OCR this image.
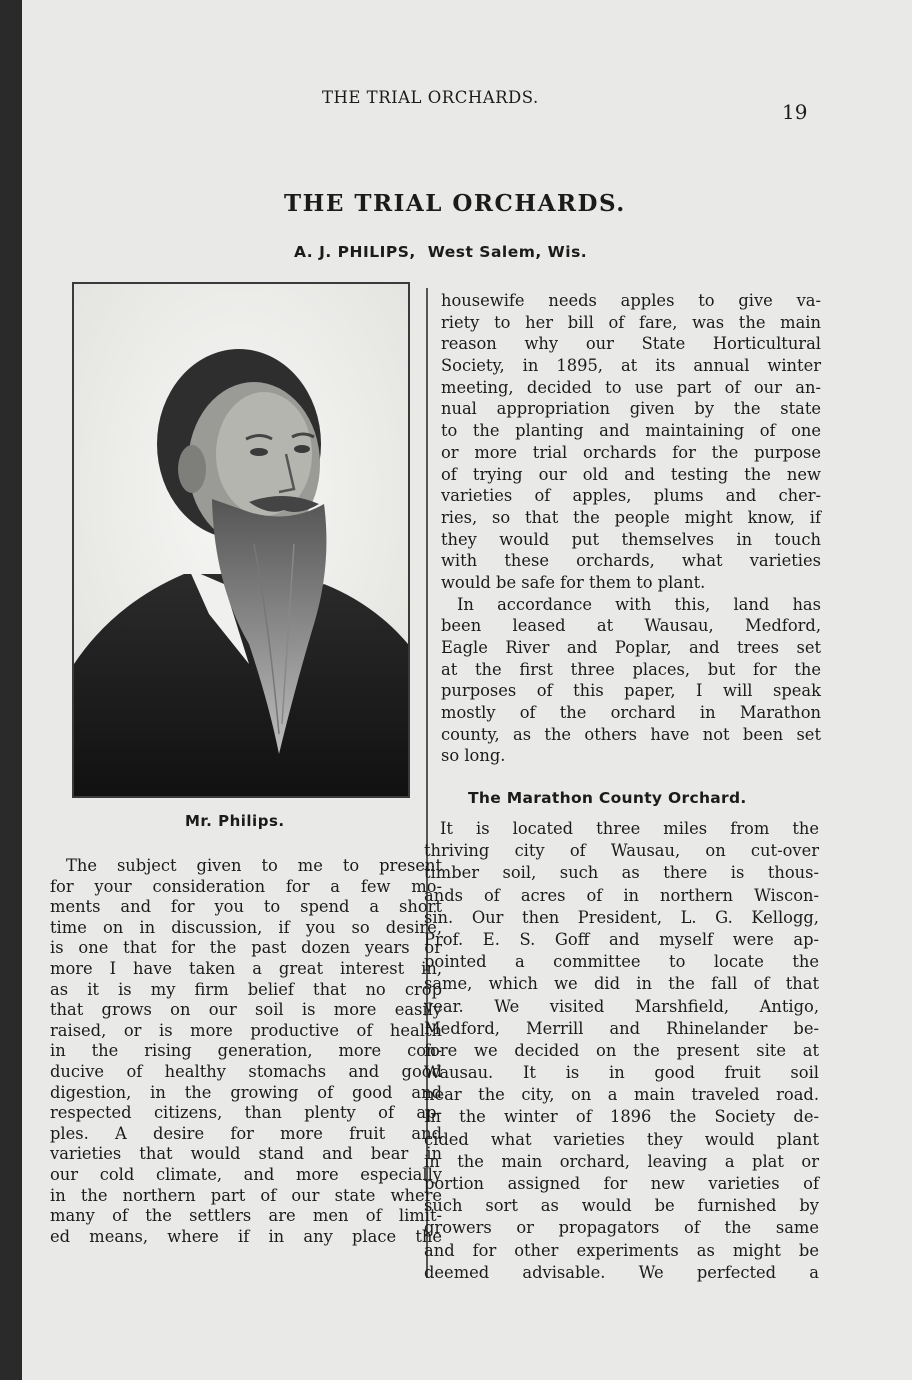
THE TRIAL ORCHARDS.
19
THE TRIAL ORCHARDS.
A. J. PHILIPS, West Salem, Wis.
Mr. Philips.
housewife needs apples to give va-
riety to her bill of fare, was the main
reason why our State Horticultural
Society, in 1895, at its annual winter
meeting, decided to use part of our an-
nual appropriation given by the state
to the planting and maintaining of one
or more trial orchards for the purpose
of trying our old and testing the new
varieties of apples, plums and cher-
ries, so that the people might know, if
they would put themselves in touch
with these orchards, what varieties
would be safe for them to plant.
In accordance with this, land has
been leased at Wausau, Medford,
Eagle River and Poplar, and trees set
at the first three places, but for the
purposes of this paper, I will speak
mostly of the orchard in Marathon
county, as the others have not been set
so long.
The Marathon County Orchard.
It is located three miles from the
thriving city of Wausau, on cut-over
timber soil, such as there is thous-
ands of acres of in northern Wiscon-
sin. Our then President, L. G. Kellogg,
Prof. E. S. Goff and myself were ap-
pointed a committee to locate the
same, which we did in the fall of that
year. We visited Marshfield, Antigo,
Medford, Merrill and Rhinelander be-
fore we decided on the present site at
Wausau. It is in good fruit soil
near the city, on a main traveled road.
In the winter of 1896 the Society de-
cided what varieties they would plant
in the main orchard, leaving a plat or
portion assigned for new varieties of
such sort as would be furnished by
growers or propagators of the same
and for other experiments as might be
deemed advisable. We perfected a
The subject given to me to present
for your consideration for a few mo-
ments and for you to spend a short
time on in discussion, if you so desire,
is one that for the past dozen years or
more I have taken a great interest in,
as it is my firm belief that no crop
that grows on our soil is more easily
raised, or is more productive of health
in the rising generation, more con-
ducive of healthy stomachs and good
digestion, in the growing of good and
respected citizens, than plenty of ap-
ples. A desire for more fruit and
varieties that would stand and bear in
our cold climate, and more especially
in the northern part of our state where
many of the settlers are men of limit-
ed means, where if in any place the
